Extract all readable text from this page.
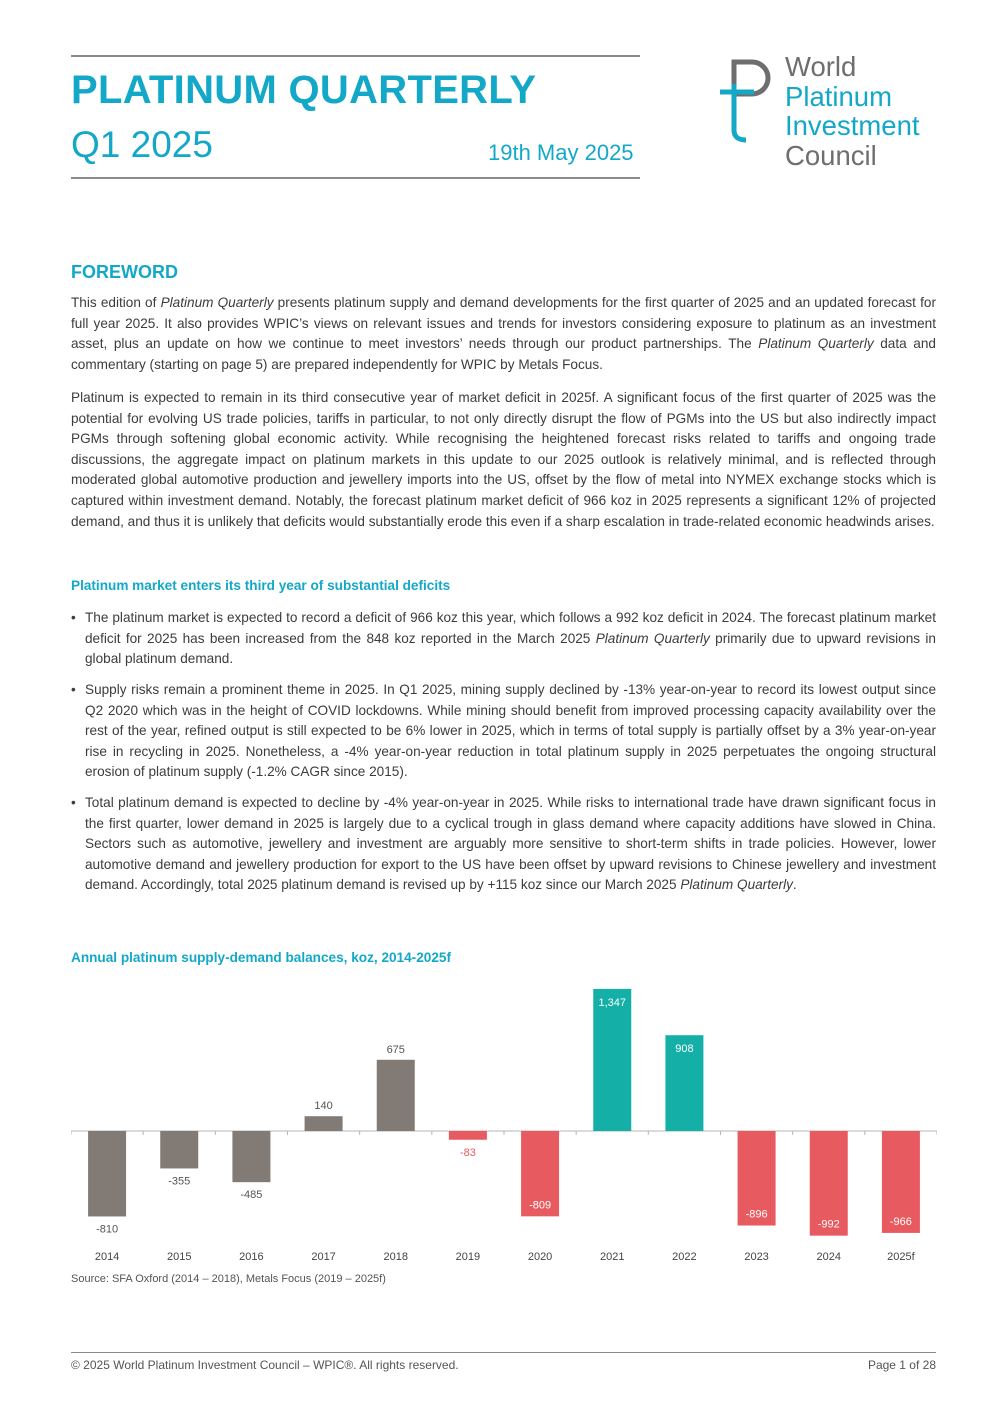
PLATINUM QUARTERLY
Q1 2025	19th May 2025
World
Platinum
Investment
Council
FOREWORD

This edition of Platinum Quarterly presents platinum supply and demand developments for the first quarter of 2025 and an updated forecast for full year 2025. It also provides WPIC’s views on relevant issues and trends for investors considering exposure to platinum as an investment asset, plus an update on how we continue to meet investors’ needs through our product partnerships. The Platinum Quarterly data and commentary (starting on page 5) are prepared independently for WPIC by Metals Focus.

Platinum is expected to remain in its third consecutive year of market deficit in 2025f. A significant focus of the first quarter of 2025 was the potential for evolving US trade policies, tariffs in particular, to not only directly disrupt the flow of PGMs into the US but also indirectly impact PGMs through softening global economic activity. While recognising the heightened forecast risks related to tariffs and ongoing trade discussions, the aggregate impact on platinum markets in this update to our 2025 outlook is relatively minimal, and is reflected through moderated global automotive production and jewellery imports into the US, offset by the flow of metal into NYMEX exchange stocks which is captured within investment demand. Notably, the forecast platinum market deficit of 966 koz in 2025 represents a significant 12% of projected demand, and thus it is unlikely that deficits would substantially erode this even if a sharp escalation in trade-related economic headwinds arises.

Platinum market enters its third year of substantial deficits
• The platinum market is expected to record a deficit of 966 koz this year, which follows a 992 koz deficit in 2024. The forecast platinum market deficit for 2025 has been increased from the 848 koz reported in the March 2025 Platinum Quarterly primarily due to upward revisions in global platinum demand.
• Supply risks remain a prominent theme in 2025. In Q1 2025, mining supply declined by -13% year-on-year to record its lowest output since Q2 2020 which was in the height of COVID lockdowns. While mining should benefit from improved processing capacity availability over the rest of the year, refined output is still expected to be 6% lower in 2025, which in terms of total supply is partially offset by a 3% year-on-year rise in recycling in 2025. Nonetheless, a -4% year-on-year reduction in total platinum supply in 2025 perpetuates the ongoing structural erosion of platinum supply (-1.2% CAGR since 2015).
• Total platinum demand is expected to decline by -4% year-on-year in 2025. While risks to international trade have drawn significant focus in the first quarter, lower demand in 2025 is largely due to a cyclical trough in glass demand where capacity additions have slowed in China. Sectors such as automotive, jewellery and investment are arguably more sensitive to short-term shifts in trade policies. However, lower automotive demand and jewellery production for export to the US have been offset by upward revisions to Chinese jewellery and investment demand. Accordingly, total 2025 platinum demand is revised up by +115 koz since our March 2025 Platinum Quarterly.
Annual platinum supply-demand balances, koz, 2014-2025f
-810
2014
-355
2015
-485
2016
140
2017
675
2018
-83
2019
-809
2020
1,347
2021
908
2022
-896
2023
-992
2024
-966
2025f
Source: SFA Oxford (2014 – 2018), Metals Focus (2019 – 2025f)
© 2025 World Platinum Investment Council – WPIC®. All rights reserved.	Page 1 of 28
